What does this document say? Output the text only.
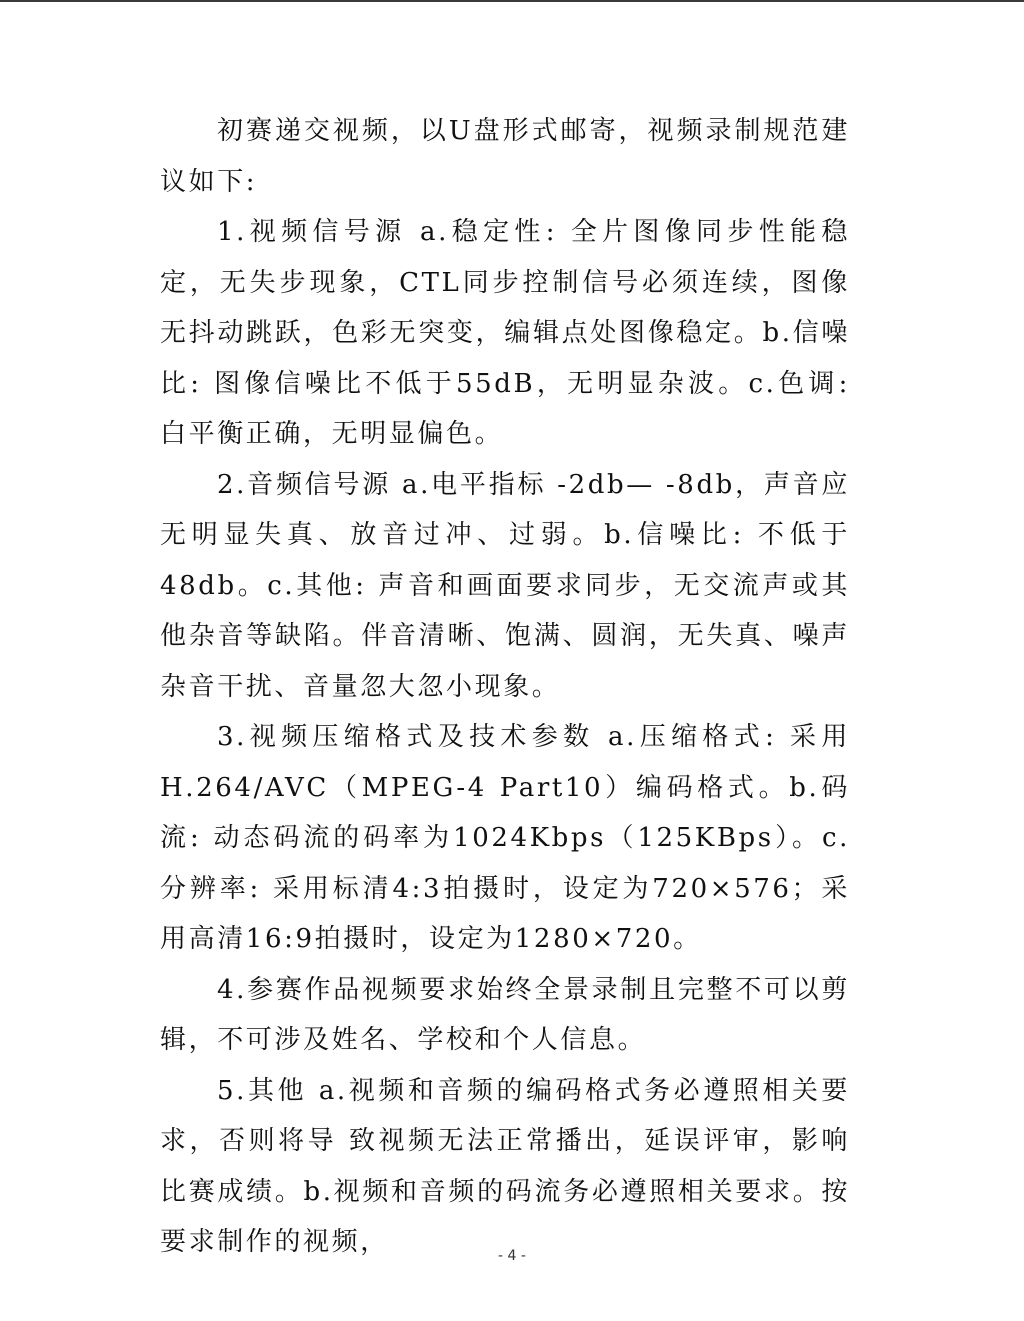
初赛递交视频，以U盘形式邮寄，视频录制规范建议如下:

1.视频信号源 a.稳定性: 全片图像同步性能稳定，无失步现象，CTL同步控制信号必须连续，图像无抖动跳跃，色彩无突变，编辑点处图像稳定。b.信噪比: 图像信噪比不低于55dB，无明显杂波。c.色调: 白平衡正确，无明显偏色。

2.音频信号源 a.电平指标 -2db— -8db，声音应无明显失真、放音过冲、过弱。b.信噪比: 不低于48db。c.其他: 声音和画面要求同步，无交流声或其他杂音等缺陷。伴音清晰、饱满、圆润，无失真、噪声杂音干扰、音量忽大忽小现象。

3.视频压缩格式及技术参数 a.压缩格式: 采用H.264/AVC（MPEG-4 Part10）编码格式。b.码流: 动态码流的码率为1024Kbps（125KBps）。c.分辨率: 采用标清4:3拍摄时，设定为720×576；采用高清16:9拍摄时，设定为1280×720。

4.参赛作品视频要求始终全景录制且完整不可以剪辑，不可涉及姓名、学校和个人信息。

5.其他 a.视频和音频的编码格式务必遵照相关要求，否则将导 致视频无法正常播出，延误评审，影响比赛成绩。b.视频和音频的码流务必遵照相关要求。按要求制作的视频，	- 4 -
